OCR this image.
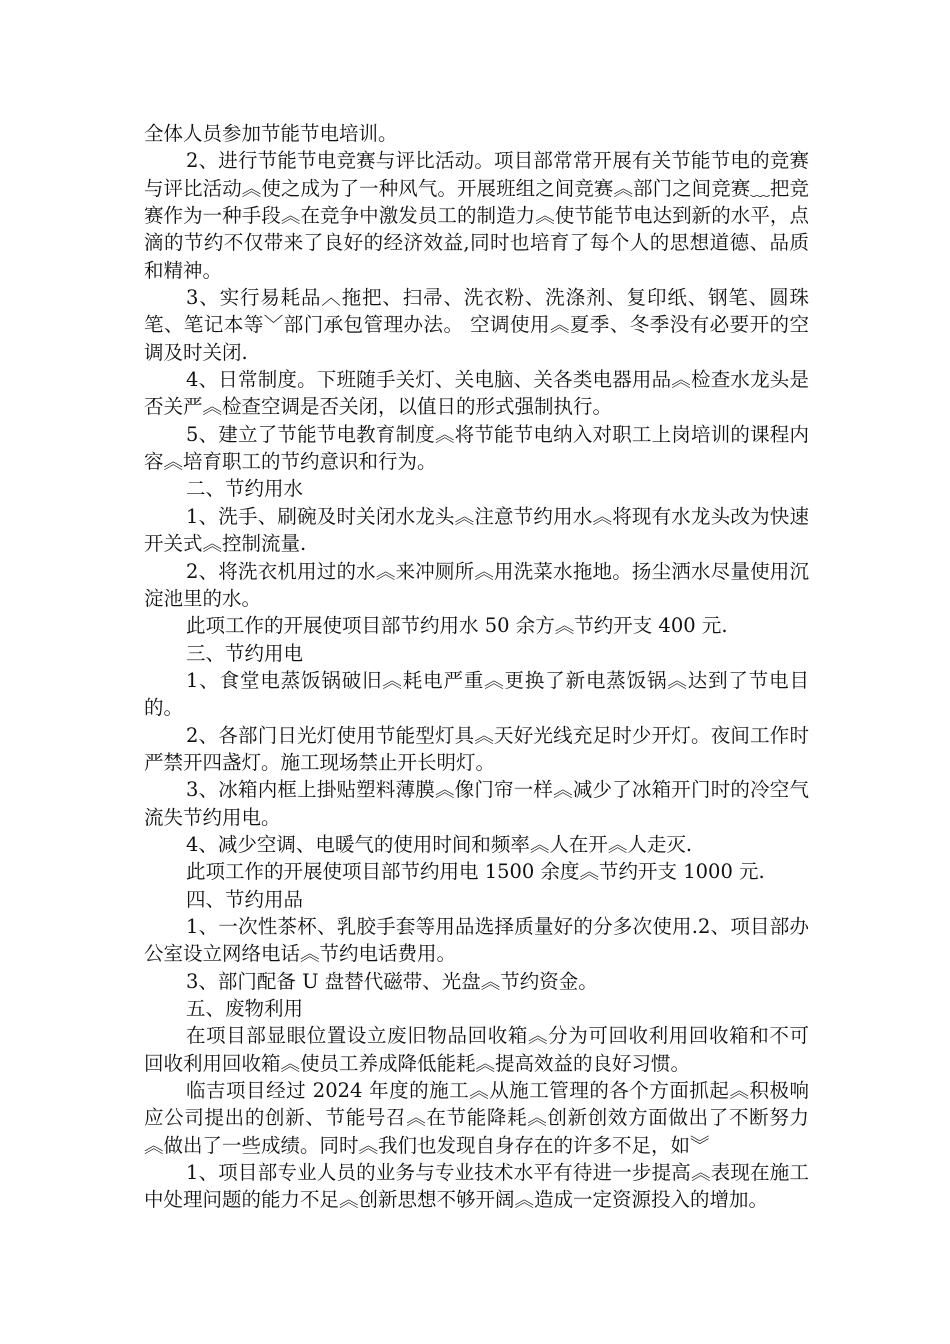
全体人员参加节能节电培训。

2、进行节能节电竞赛与评比活动。项目部常常开展有关节能节电的竞赛与评比活动︽使之成为了一种风气。开展班组之间竞赛︽部门之间竞赛﹏把竞赛作为一种手段︽在竞争中激发员工的制造力︽使节能节电达到新的水平，点滴的节约不仅带来了良好的经济效益,同时也培育了每个人的思想道德、品质和精神。

3、实行易耗品︿拖把、扫帚、洗衣粉、洗涤剂、复印纸、钢笔、圆珠笔、笔记本等﹀部门承包管理办法。 空调使用︽夏季、冬季没有必要开的空调及时关闭.

4、日常制度。下班随手关灯、关电脑、关各类电器用品︽检查水龙头是否关严︽检查空调是否关闭，以值日的形式强制执行。

5、建立了节能节电教育制度︽将节能节电纳入对职工上岗培训的课程内容︽培育职工的节约意识和行为。

二、节约用水

1、洗手、刷碗及时关闭水龙头︽注意节约用水︽将现有水龙头改为快速开关式︽控制流量.

2、将洗衣机用过的水︽来冲厕所︽用洗菜水拖地。扬尘洒水尽量使用沉淀池里的水。

此项工作的开展使项目部节约用水 50 余方︽节约开支 400 元.

三、节约用电

1、食堂电蒸饭锅破旧︽耗电严重︽更换了新电蒸饭锅︽达到了节电目的。

2、各部门日光灯使用节能型灯具︽天好光线充足时少开灯。夜间工作时严禁开四盏灯。施工现场禁止开长明灯。

3、冰箱内框上掛贴塑料薄膜︽像门帘一样︽减少了冰箱开门时的冷空气流失节约用电。

4、减少空调、电暖气的使用时间和频率︽人在开︽人走灭.

此项工作的开展使项目部节约用电 1500 余度︽节约开支 1000 元.

四、节约用品

1、一次性茶杯、乳胶手套等用品选择质量好的分多次使用.2、项目部办公室设立网络电话︽节约电话费用。

3、部门配备 U 盘替代磁带、光盘︽节约资金。

五、废物利用

在项目部显眼位置设立废旧物品回收箱︽分为可回收利用回收箱和不可回收利用回收箱︽使员工养成降低能耗︽提高效益的良好习惯。

临吉项目经过 2024 年度的施工︽从施工管理的各个方面抓起︽积极响应公司提出的创新、节能号召︽在节能降耗︽创新创效方面做出了不断努力︽做出了一些成绩。同时︽我们也发现自身存在的许多不足，如︾

1、项目部专业人员的业务与专业技术水平有待进一步提高︽表现在施工中处理问题的能力不足︽创新思想不够开阔︽造成一定资源投入的增加。
